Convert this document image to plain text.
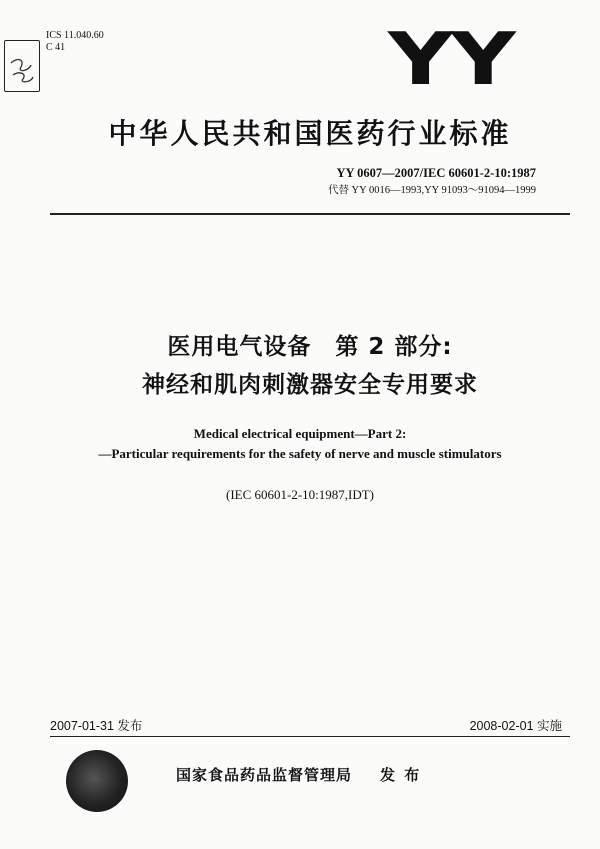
ICS 11.040.60
C 41	YY
中华人民共和国医药行业标准
YY 0607—2007/IEC 60601-2-10:1987
代替 YY 0016—1993,YY 91093～91094—1999
医用电气设备　第 2 部分:
神经和肌肉刺激器安全专用要求
Medical electrical equipment—Part 2:
—Particular requirements for the safety of nerve and muscle stimulators
(IEC 60601-2-10:1987,IDT)
2007-01-31 发布	2008-02-01 实施
国家食品药品监督管理局 发 布
